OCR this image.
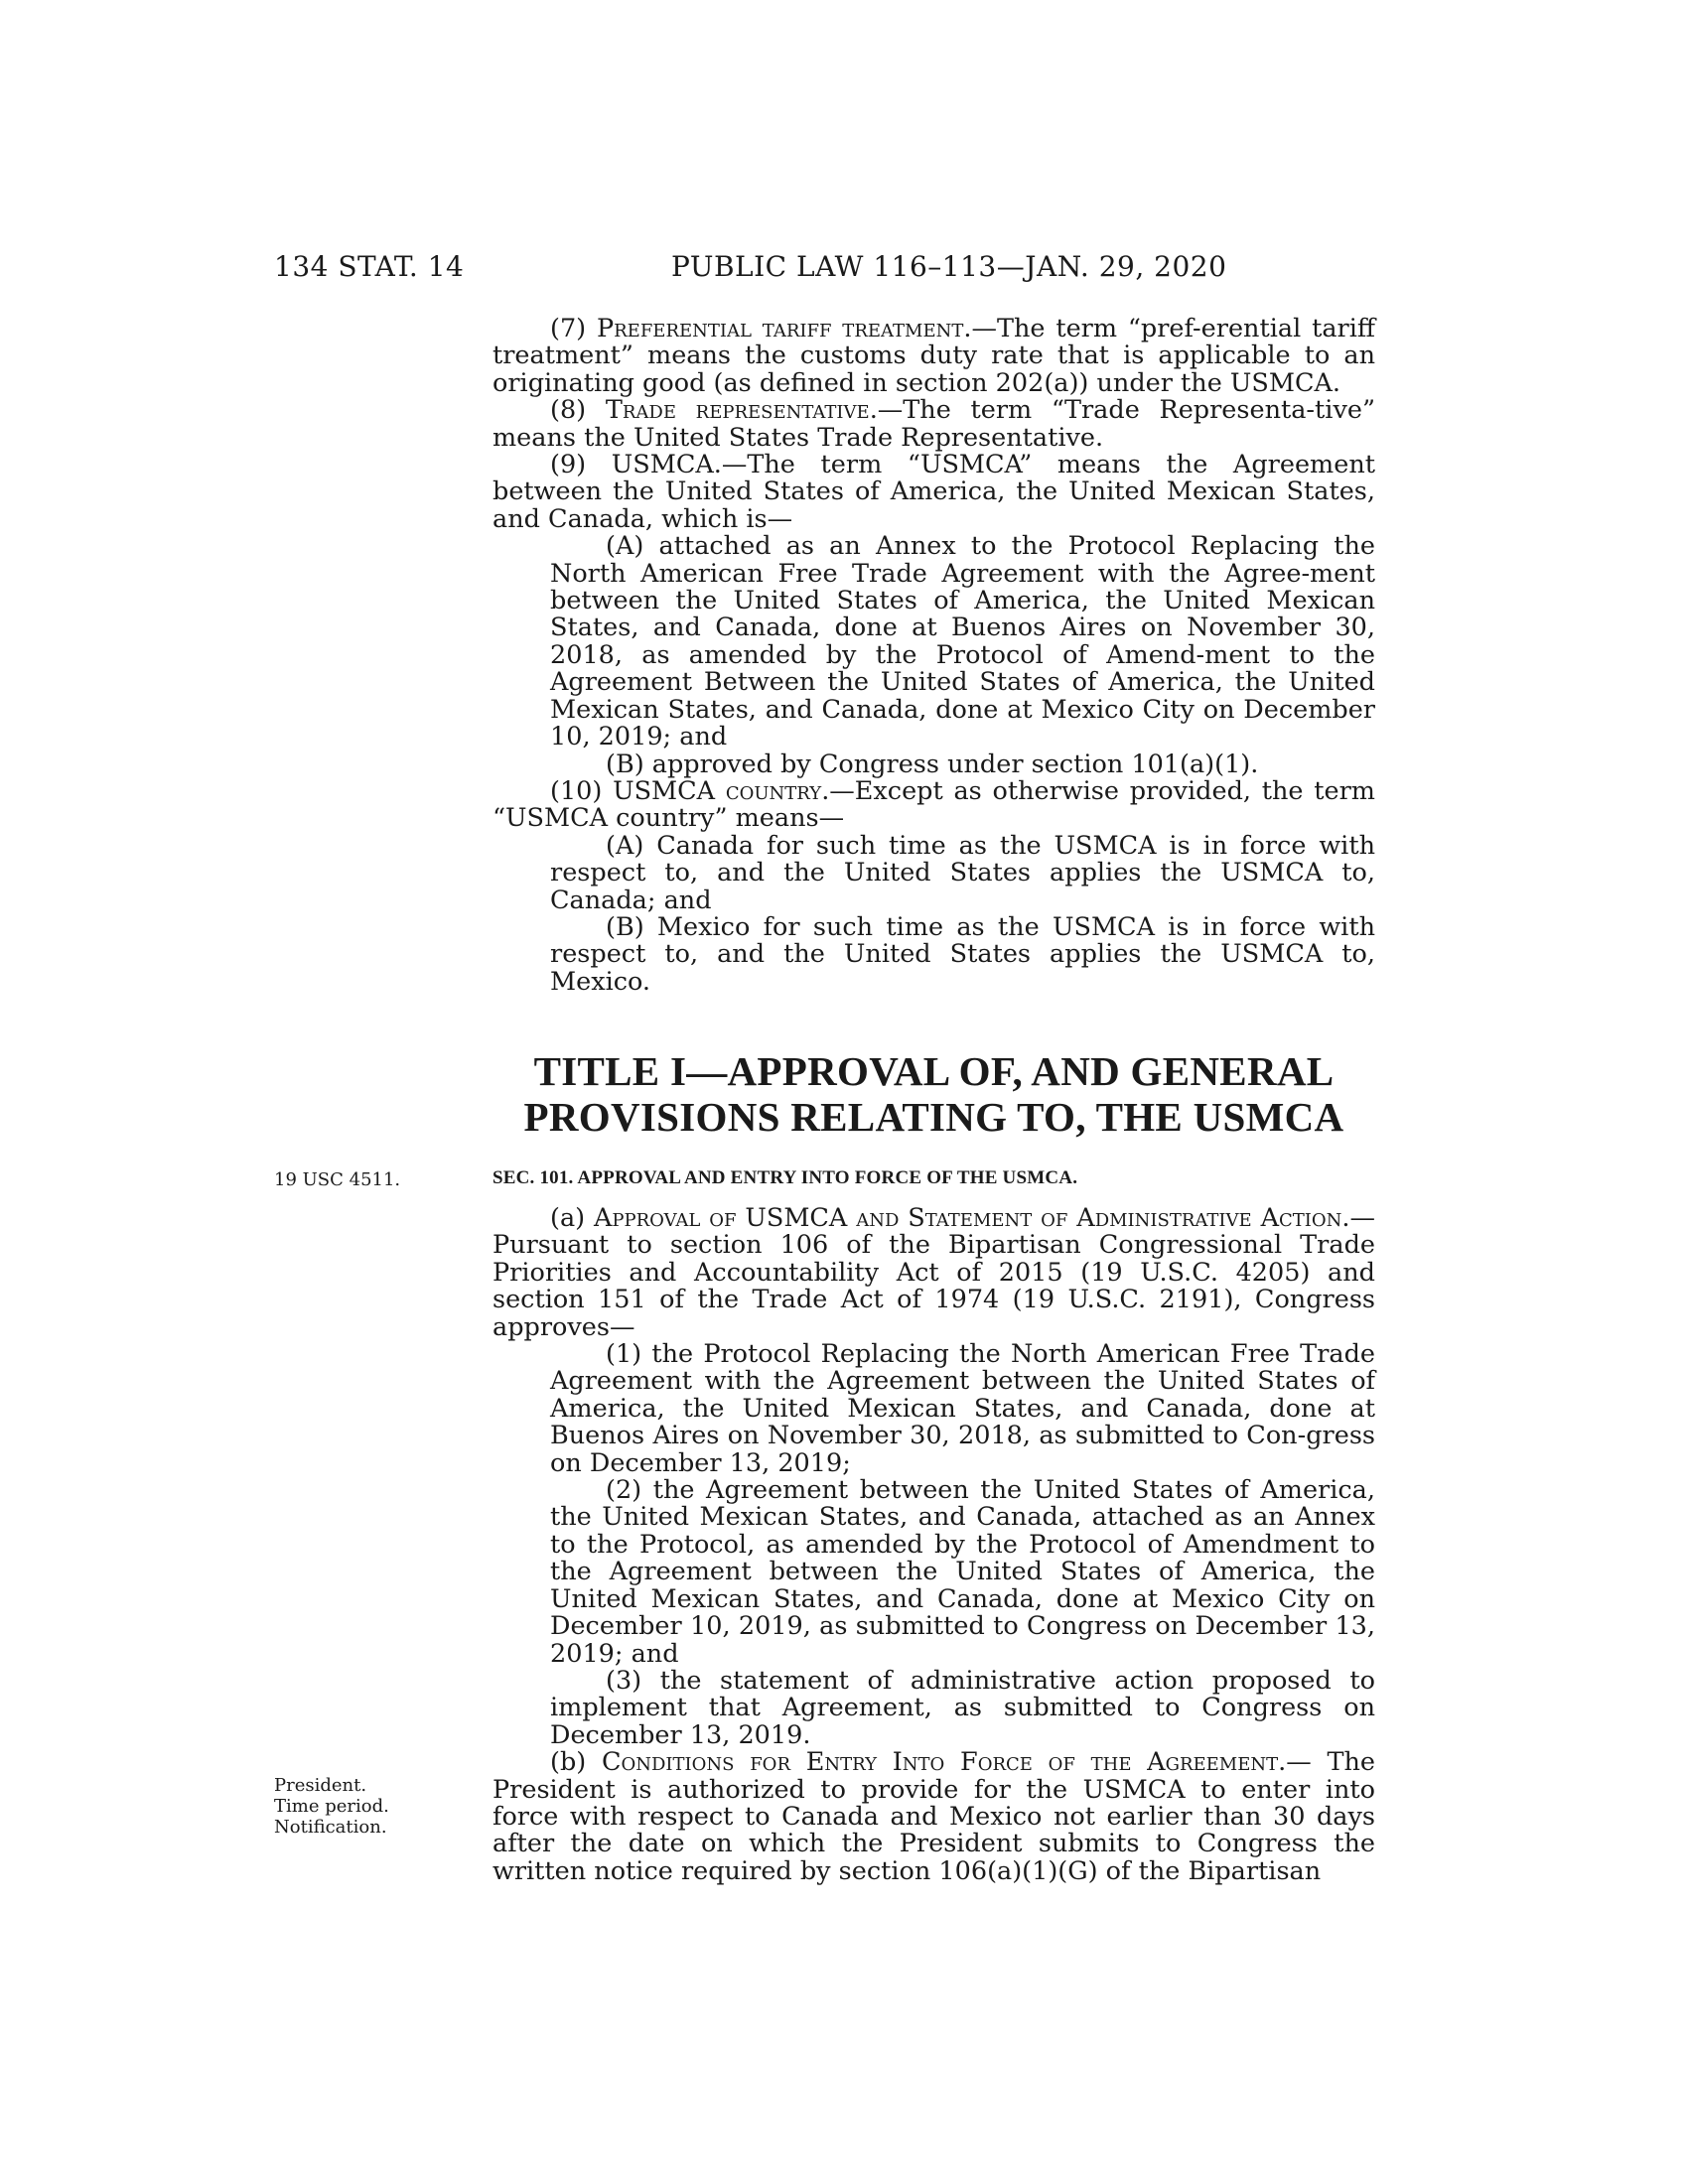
134 STAT. 14	PUBLIC LAW 116–113—JAN. 29, 2020

(7) Preferential tariff treatment.—The term “pref-erential tariff treatment” means the customs duty rate that is applicable to an originating good (as defined in section 202(a)) under the USMCA.

(8) Trade representative.—The term “Trade Representa-tive” means the United States Trade Representative.

(9) USMCA.—The term “USMCA” means the Agreement between the United States of America, the United Mexican States, and Canada, which is—

(A) attached as an Annex to the Protocol Replacing the North American Free Trade Agreement with the Agree-ment between the United States of America, the United Mexican States, and Canada, done at Buenos Aires on November 30, 2018, as amended by the Protocol of Amend-ment to the Agreement Between the United States of America, the United Mexican States, and Canada, done at Mexico City on December 10, 2019; and

(B) approved by Congress under section 101(a)(1).

(10) USMCA country.—Except as otherwise provided, the term “USMCA country” means—

(A) Canada for such time as the USMCA is in force with respect to, and the United States applies the USMCA to, Canada; and

(B) Mexico for such time as the USMCA is in force with respect to, and the United States applies the USMCA to, Mexico.

TITLE I—APPROVAL OF, AND GENERAL
PROVISIONS RELATING TO, THE USMCA
19 USC 4511.	SEC. 101. APPROVAL AND ENTRY INTO FORCE OF THE USMCA.

(a) Approval of USMCA and Statement of Administrative Action.—Pursuant to section 106 of the Bipartisan Congressional Trade Priorities and Accountability Act of 2015 (19 U.S.C. 4205) and section 151 of the Trade Act of 1974 (19 U.S.C. 2191), Congress approves—

(1) the Protocol Replacing the North American Free Trade Agreement with the Agreement between the United States of America, the United Mexican States, and Canada, done at Buenos Aires on November 30, 2018, as submitted to Con-gress on December 13, 2019;

(2) the Agreement between the United States of America, the United Mexican States, and Canada, attached as an Annex to the Protocol, as amended by the Protocol of Amendment to the Agreement between the United States of America, the United Mexican States, and Canada, done at Mexico City on December 10, 2019, as submitted to Congress on December 13, 2019; and

(3) the statement of administrative action proposed to implement that Agreement, as submitted to Congress on December 13, 2019.

(b) Conditions for Entry Into Force of the Agreement.— The President is authorized to provide for the USMCA to enter into force with respect to Canada and Mexico not earlier than 30 days after the date on which the President submits to Congress the written notice required by section 106(a)(1)(G) of the Bipartisan

President.
Time period.
Notification.
